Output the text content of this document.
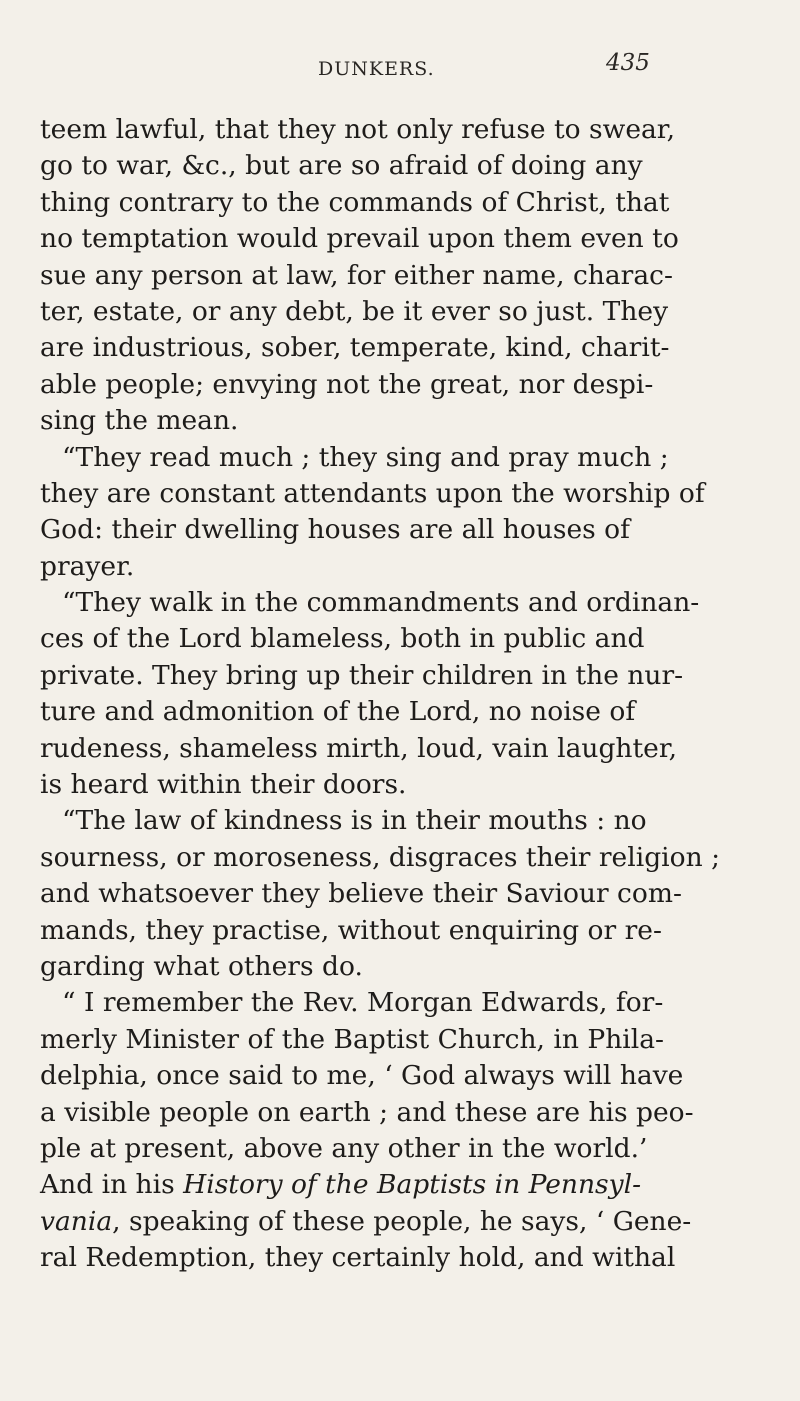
DUNKERS.	435
teem lawful, that they not only refuse to swear,
go to war, &c., but are so afraid of doing any
thing contrary to the commands of Christ, that
no temptation would prevail upon them even to
sue any person at law, for either name, charac-
ter, estate, or any debt, be it ever so just. They
are industrious, sober, temperate, kind, charit-
able people; envying not the great, nor despi-
sing the mean.
“They read much ; they sing and pray much ;
they are constant attendants upon the worship of
God: their dwelling houses are all houses of
prayer.
“They walk in the commandments and ordinan-
ces of the Lord blameless, both in public and
private. They bring up their children in the nur-
ture and admonition of the Lord, no noise of
rudeness, shameless mirth, loud, vain laughter,
is heard within their doors.
“The law of kindness is in their mouths : no
sourness, or moroseness, disgraces their religion ;
and whatsoever they believe their Saviour com-
mands, they practise, without enquiring or re-
garding what others do.
“ I remember the Rev. Morgan Edwards, for-
merly Minister of the Baptist Church, in Phila-
delphia, once said to me, ‘ God always will have
a visible people on earth ; and these are his peo-
ple at present, above any other in the world.’
And in his History of the Baptists in Pennsyl-
vania, speaking of these people, he says, ‘ Gene-
ral Redemption, they certainly hold, and withal
